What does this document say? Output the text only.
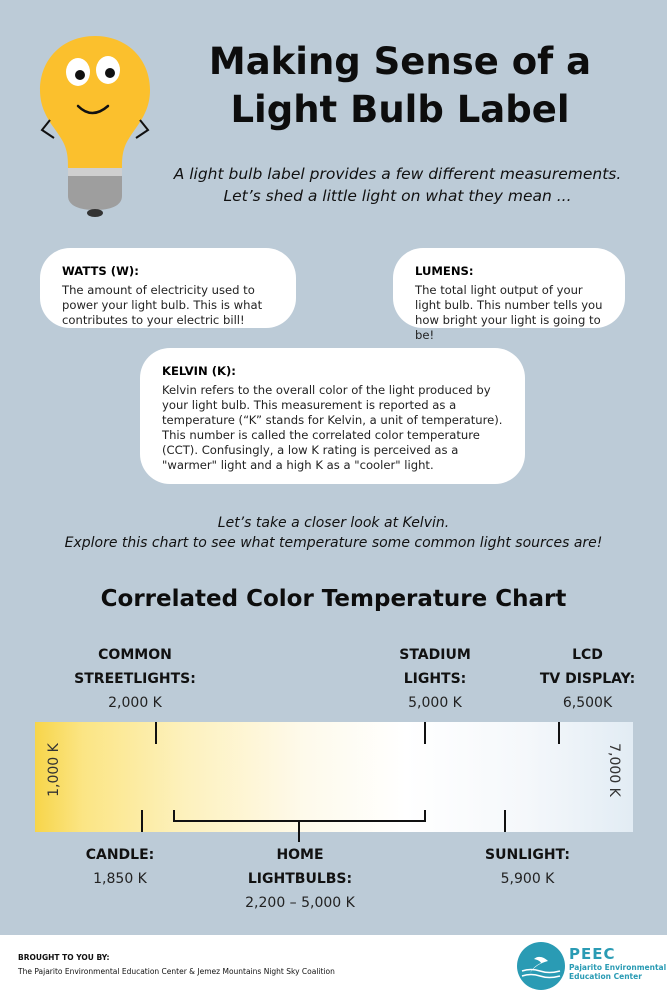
Making Sense of a
Light Bulb Label
A light bulb label provides a few different measurements.
Let’s shed a little light on what they mean ...
WATTS (W):
The amount of electricity used to power your light bulb. This is what contributes to your electric bill!
LUMENS:
The total light output of your light bulb. This number tells you how bright your light is going to be!
KELVIN (K):
Kelvin refers to the overall color of the light produced by your light bulb. This measurement is reported as a temperature (“K” stands for Kelvin, a unit of temperature). This number is called the correlated color temperature (CCT). Confusingly, a low K rating is perceived as a "warmer" light and a high K as a "cooler" light.
Let’s take a closer look at Kelvin.
Explore this chart to see what temperature some common light sources are!
Correlated Color Temperature Chart
COMMON
STREETLIGHTS:
2,000 K
STADIUM
LIGHTS:
5,000 K
LCD
TV DISPLAY:
6,500K
1,000 K	7,000 K
CANDLE:
1,850 K
HOME
LIGHTBULBS:
2,200 – 5,000 K
SUNLIGHT:
5,900 K
BROUGHT TO YOU BY:
The Pajarito Environmental Education Center & Jemez Mountains Night Sky Coalition
PEEC
Pajarito Environmental
Education Center
